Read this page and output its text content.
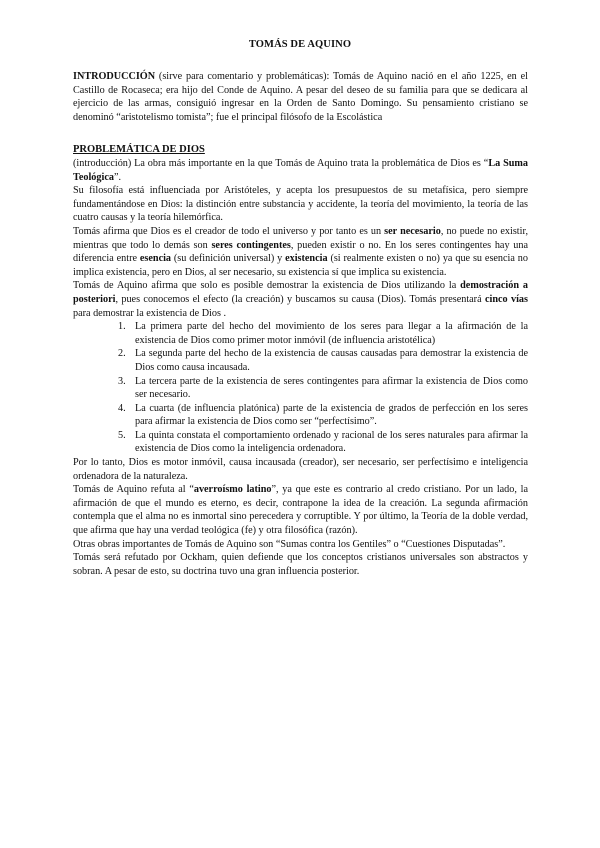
TOMÁS DE AQUINO
INTRODUCCIÓN (sirve para comentario y problemáticas): Tomás de Aquino nació en el año 1225, en el Castillo de Rocaseca; era hijo del Conde de Aquino. A pesar del deseo de su familia para que se dedicara al ejercicio de las armas, consiguió ingresar en la Orden de Santo Domingo. Su pensamiento cristiano se denominó “aristotelismo tomista”; fue el principal filósofo de la Escolástica
PROBLEMÁTICA DE DIOS

(introducción) La obra más importante en la que Tomás de Aquino trata la problemática de Dios es “La Suma Teológica”.

Su filosofía está influenciada por Aristóteles, y acepta los presupuestos de su metafísica, pero siempre fundamentándose en Dios: la distinción entre substancia y accidente, la teoría del movimiento, la teoría de las cuatro causas y la teoría hilemórfica.

Tomás afirma que Dios es el creador de todo el universo y por tanto es un ser necesario, no puede no existir, mientras que todo lo demás son seres contingentes, pueden existir o no. En los seres contingentes hay una diferencia entre esencia (su definición universal) y existencia (si realmente existen o no) ya que su esencia no implica existencia, pero en Dios, al ser necesario, su existencia sí que implica su existencia.

Tomás de Aquino afirma que solo es posible demostrar la existencia de Dios utilizando la demostración a posteriori, pues conocemos el efecto (la creación) y buscamos su causa (Dios). Tomás presentará cinco vías para demostrar la existencia de Dios .

1. La primera parte del hecho del movimiento de los seres para llegar a la afirmación de la existencia de Dios como primer motor inmóvil (de influencia aristotélica)
2. La segunda parte del hecho de la existencia de causas causadas para demostrar la existencia de Dios como causa incausada.
3. La tercera parte de la existencia de seres contingentes para afirmar la existencia de Dios como ser necesario.
4. La cuarta (de influencia platónica) parte de la existencia de grados de perfección en los seres para afirmar la existencia de Dios como ser “perfectísimo”.
5. La quinta constata el comportamiento ordenado y racional de los seres naturales para afirmar la existencia de Dios como la inteligencia ordenadora.

Por lo tanto, Dios es motor inmóvil, causa incausada (creador), ser necesario, ser perfectísimo e inteligencia ordenadora de la naturaleza.

Tomás de Aquino refuta al “averroísmo latino”, ya que este es contrario al credo cristiano. Por un lado, la afirmación de que el mundo es eterno, es decir, contrapone la idea de la creación. La segunda afirmación contempla que el alma no es inmortal sino perecedera y corruptible. Y por último, la Teoría de la doble verdad, que afirma que hay una verdad teológica (fe) y otra filosófica (razón).

Otras obras importantes de Tomás de Aquino son “Sumas contra los Gentiles” o “Cuestiones Disputadas”.

Tomás será refutado por Ockham, quien defiende que los conceptos cristianos universales son abstractos y sobran. A pesar de esto, su doctrina tuvo una gran influencia posterior.
